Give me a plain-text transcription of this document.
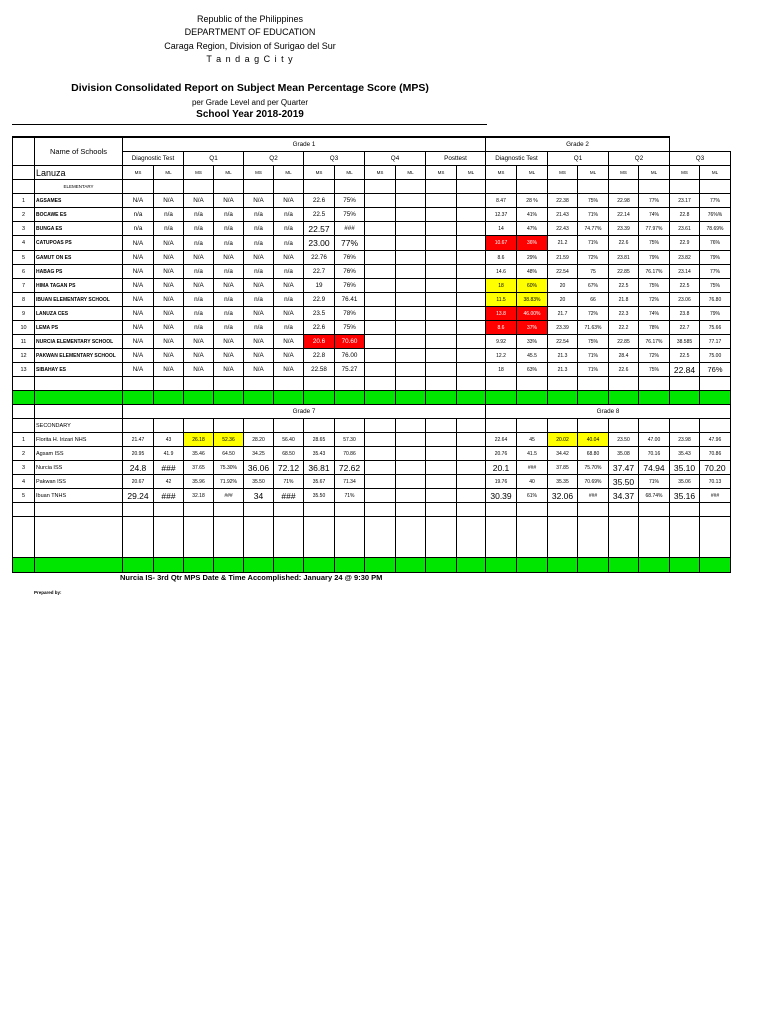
Republic of the Philippines
DEPARTMENT OF EDUCATION
Caraga Region, Division of Surigao del Sur
T a n d a g C i t y
Division Consolidated Report on Subject Mean Percentage Score (MPS)
per Grade Level and per Quarter
School Year 2018-2019
	Name of Schools	Grade 1												Grade 2							
		Diagnostic Test		Q1		Q2		Q3		Q4		Posttest		Diagnostic Test		Q1		Q2		Q3	
	Lanuza	MS	ML	MS	ML	MS	ML	MS	ML	MS	ML	MS	ML	MS	ML	MS	ML	MS	ML	MS	ML
	ELEMENTARY																				
1	AGSAMES	N/A	N/A	N/A	N/A	N/A	N/A	22.6	75%					8.47	28 %	22.38	75%	22.98	77%	23.17	77%
2	BOCAWE ES	n/a	n/a	n/a	n/a	n/a	n/a	22.5	75%					12.37	41%	21.43	71%	22.14	74%	22.8	76%%
3	BUNGA ES	n/a	n/a	n/a	n/a	n/a	n/a	22.57	###					14	47%	22.43	74.77%	23.39	77.97%	23.61	78.69%
4	CATUPOAS PS	N/A	N/A	n/a	n/a	n/a	n/a	23.00	77%					10.67	36%	21.2	71%	22.6	75%	22.9	76%
5	GAMUT ON ES	N/A	N/A	N/A	N/A	N/A	N/A	22.76	76%					8.6	29%	21.59	72%	23.81	79%	23.82	79%
6	HABAG PS	N/A	N/A	n/a	n/a	n/a	n/a	22.7	76%					14.6	48%	22.54	75	22.85	76.17%	23.14	77%
7	HIMA TAGAN PS	N/A	N/A	N/A	N/A	N/A	N/A	19	76%					18	60%	20	67%	22.5	75%	22.5	75%
8	IBUAN ELEMENTARY SCHOOL	N/A	N/A	n/a	n/a	n/a	n/a	22.9	76.41					11.5	38.83%	20	66	21.8	72%	23.06	76.80
9	LANUZA CES	N/A	N/A	n/a	n/a	N/A	N/A	23.5	78%					13.8	46.00%	21.7	72%	22.3	74%	23.8	79%
10	LEMA PS	N/A	N/A	n/a	n/a	n/a	n/a	22.6	75%					8.6	37%	23.39	71.63%	22.2	78%	22.7	75.66
11	NURCIA ELEMENTARY SCHOOL	N/A	N/A	N/A	N/A	N/A	N/A	20.6	70.60					9.92	33%	22.54	75%	22.85	76.17%	38.585	77.17
12	PAKWAN ELEMENTARY SCHOOL	N/A	N/A	N/A	N/A	N/A	N/A	22.8	76.00					12.2	45.5	21.3	71%	28.4	72%	22.5	75.00
13	SIBAHAY ES	N/A	N/A	N/A	N/A	N/A	N/A	22.58	75.27					18	63%	21.3	71%	22.6	75%	22.84	76%

		Grade 7												Grade 8							
	SECONDARY																				
1	Florita H. Irizari NHS	21.47	43	26.18	52.36	28.20	56.40	28.65	57.30					22.64	45	20.02	40.04	23.50	47.00	23.98	47.96
2	Agsam ISS	20.95	41.9	35.46	64.50	34.25	68.50	35.43	70.86					20.76	41.5	34.42	68.80	35.08	70.16	35.43	70.86
3	Nurcia ISS	24.8	###	37.65	75.30%	36.06	72.12	36.81	72.62					20.1	###	37.85	75.70%	37.47	74.94	35.10	70.20
4	Pakwan ISS	20.67	42	35.96	71.92%	35.50	71%	35.67	71.34					19.76	40	35.35	70.69%	35.50	71%	35.06	70.13
5	Ibuan TNHS	29.24	###	32.18	###	34	###	35.50	71%					30.39	61%	32.06	###	34.37	68.74%	35.16	###

Nurcia IS- 3rd Qtr MPS Date & Time Accomplished: January 24 @ 9:30 PM
Prepared by:
